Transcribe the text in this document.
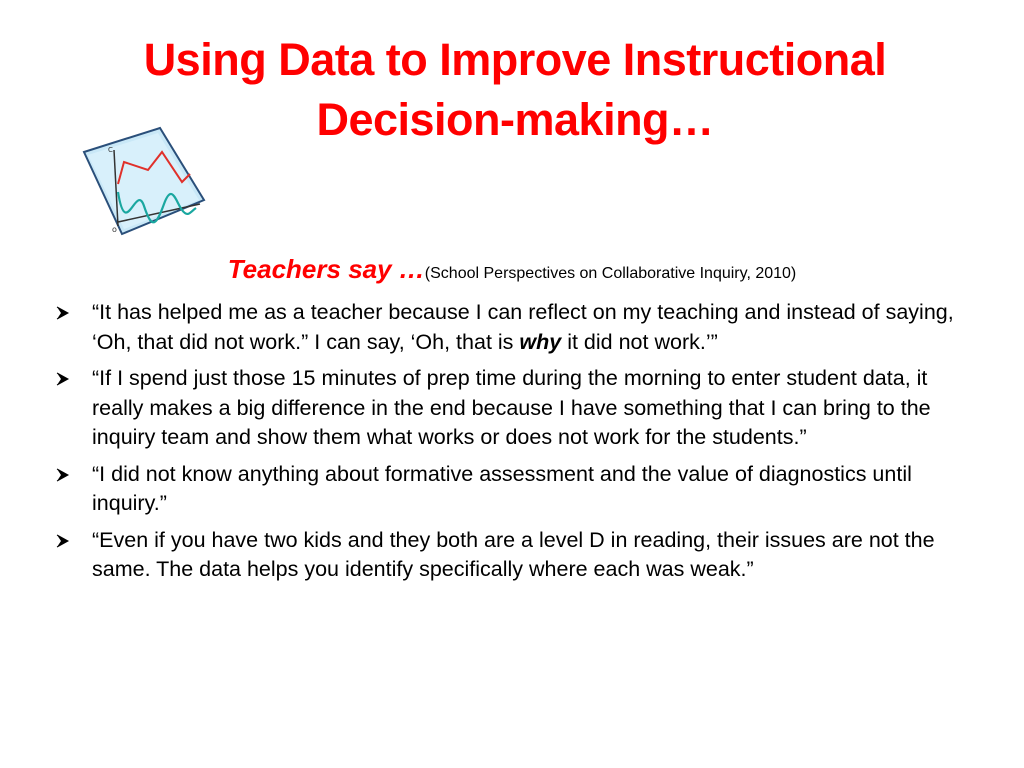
Using Data to Improve Instructional
Decision-making…
C
o
Teachers say …(School Perspectives on Collaborative Inquiry, 2010)
“It has helped me as a teacher because I can reflect on my teaching and instead of saying, ‘Oh, that did not work.” I can say, ‘Oh, that is why it did not work.’”
“If I spend just those 15 minutes of prep time during the morning to enter student data, it really makes a big difference in the end because I have something that I can bring to the inquiry team and show them what works or does not work for the students.”
“I did not know anything about formative assessment and the value of diagnostics until inquiry.”
“Even if you have two kids and they both are a level D in reading, their issues are not the same. The data helps you identify specifically where each was weak.”
